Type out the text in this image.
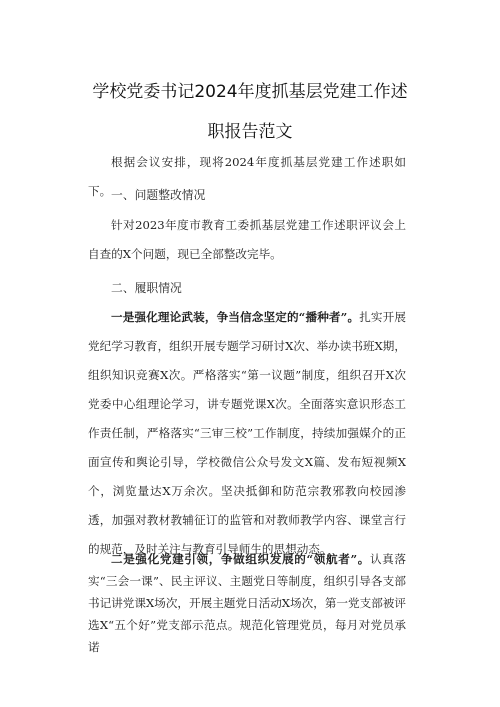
学校党委书记2024年度抓基层党建工作述
职报告范文
根据会议安排，现将2024年度抓基层党建工作述职如下。 一、问题整改情况
针对2023年度市教育工委抓基层党建工作述职评议会上自查的X个问题，现已全部整改完毕。
二、履职情况
一是强化理论武装，争当信念坚定的“播种者”。扎实开展党纪学习教育，组织开展专题学习研讨X次、举办读书班X期，组织知识竞赛X次。严格落实“第一议题”制度，组织召开X次党委中心组理论学习，讲专题党课X次。全面落实意识形态工作责任制，严格落实“三审三校”工作制度，持续加强媒介的正面宣传和舆论引导，学校微信公众号发文X篇、发布短视频X个，浏览量达X万余次。坚决抵御和防范宗教邪教向校园渗透，加强对教材教辅征订的监管和对教师教学内容、课堂言行的规范，及时关注与教育引导师生的思想动态。
二是强化党建引领，争做组织发展的“领航者”。认真落实“三会一课”、民主评议、主题党日等制度，组织引导各支部书记讲党课X场次，开展主题党日活动X场次，第一党支部被评选X“五个好”党支部示范点。规范化管理党员，每月对党员承诺
